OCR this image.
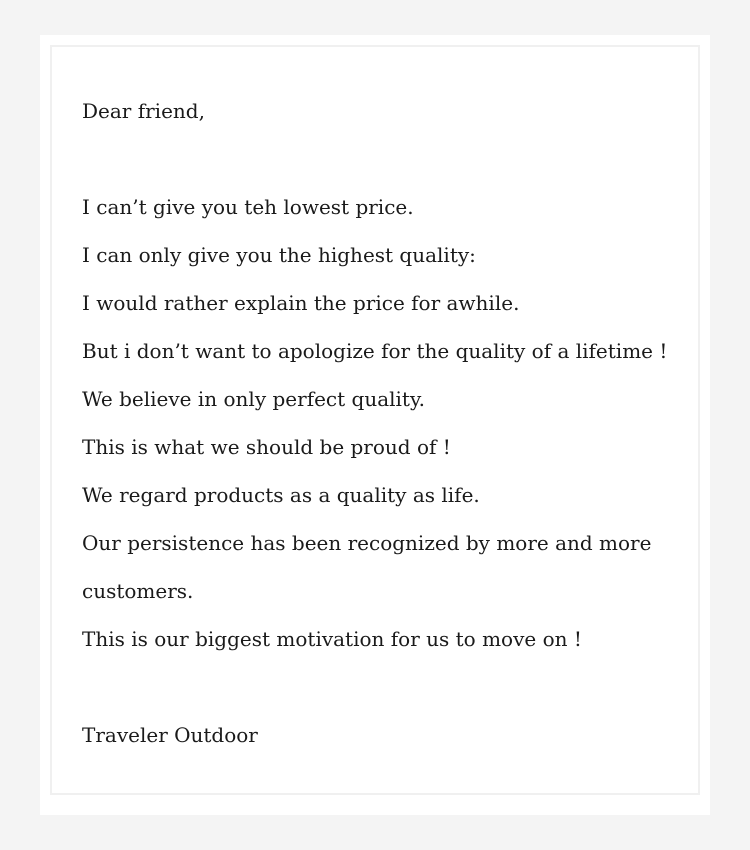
Dear friend,
I can’t give you teh lowest price.
I can only give you the highest quality:
I would rather explain the price for awhile.
But i don’t want to apologize for the quality of a lifetime !
We believe in only perfect quality.
This is what we should be proud of !
We regard products as a quality as life.
Our persistence has been recognized by more and more customers.
This is our biggest motivation for us to move on !
Traveler Outdoor
